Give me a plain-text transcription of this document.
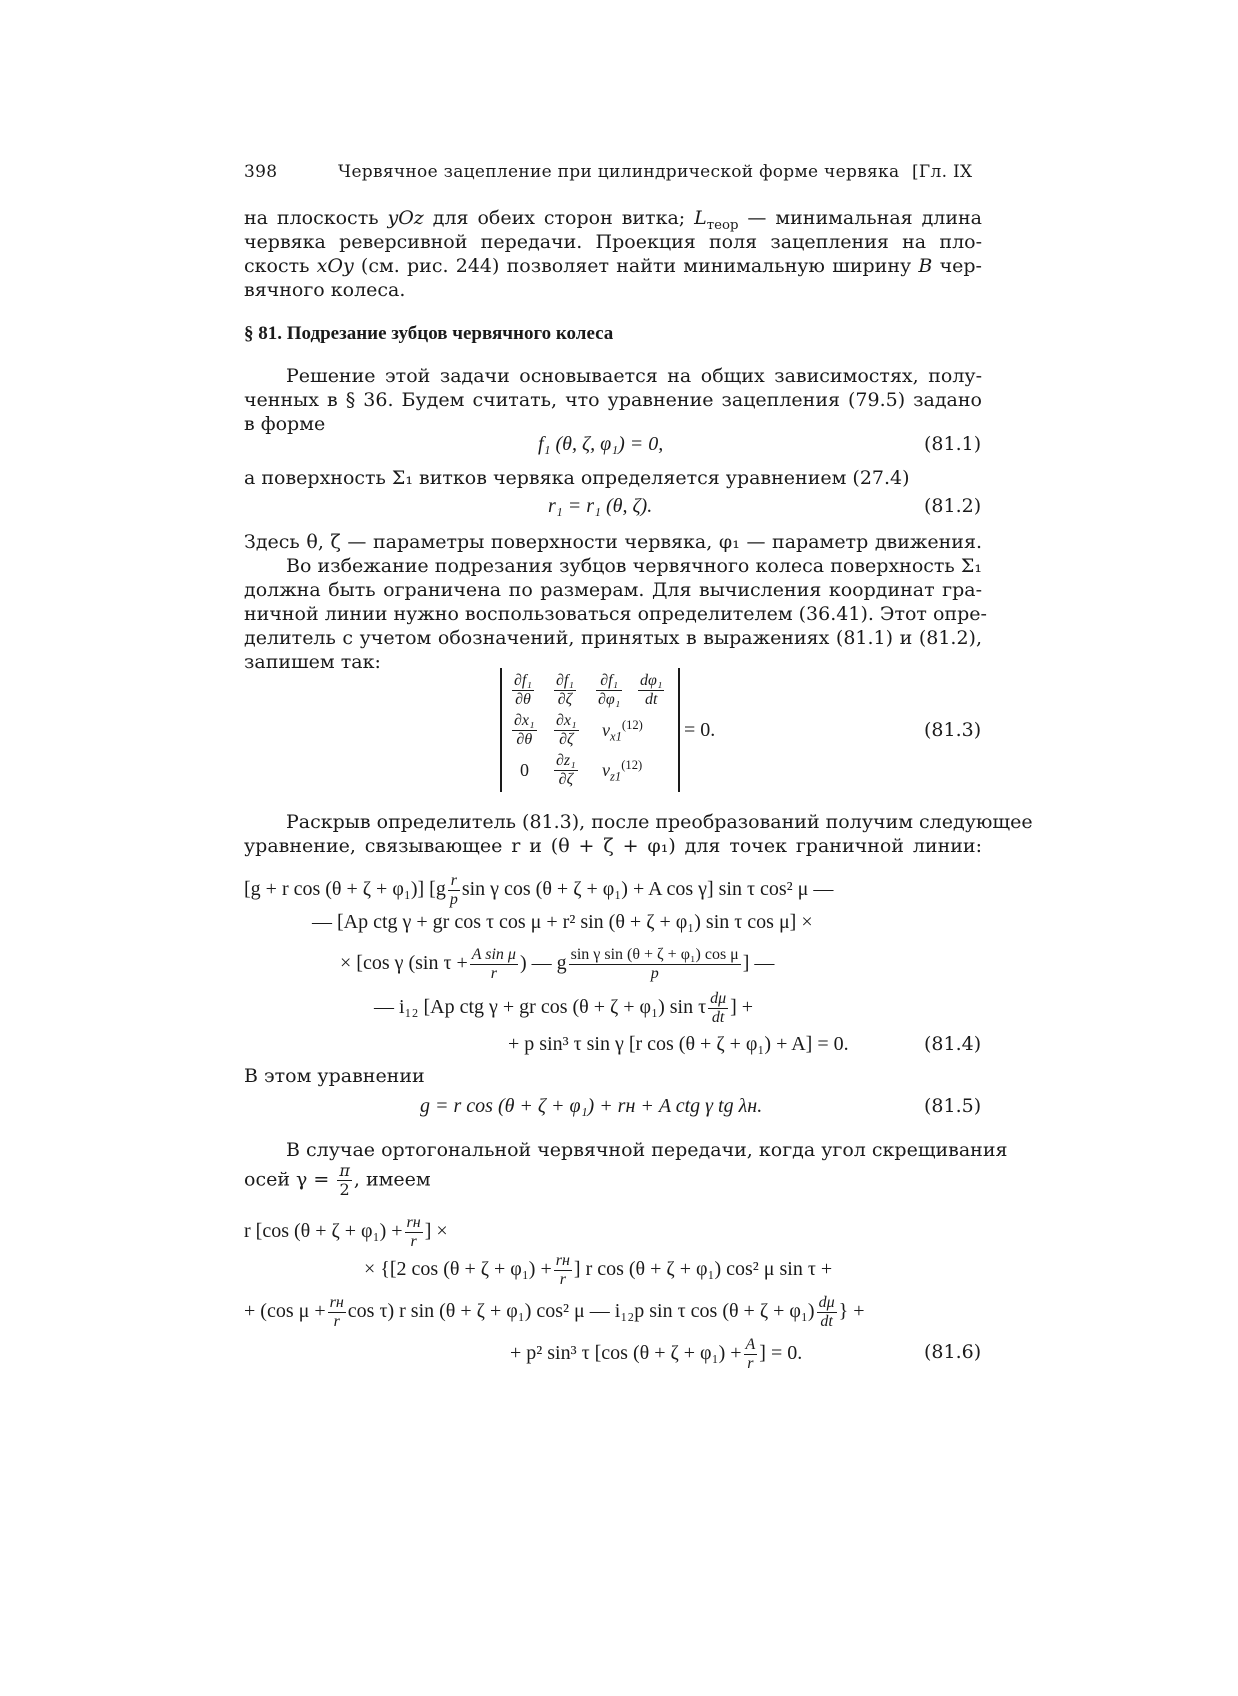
398	Червячное зацепление при цилиндрической форме червяка [Гл. IX
на плоскость yOz для обеих сторон витка; $L_{теор}$ — минимальная длина
червяка реверсивной передачи. Проекция поля зацепления на пло-
скость xOy (см. рис. 244) позволяет найти минимальную ширину B чер-
вячного колеса.
§ 81. Подрезание зубцов червячного колеса
Решение этой задачи основывается на общих зависимостях, полу-
ченных в § 36. Будем считать, что уравнение зацепления (79.5) задано
в форме
f₁ (θ, ζ, φ₁) = 0,	(81.1)
а поверхность Σ₁ витков червяка определяется уравнением (27.4)
r₁ = r₁ (θ, ζ).	(81.2)
Здесь θ, ζ — параметры поверхности червяка, φ₁ — параметр движения.
Во избежание подрезания зубцов червячного колеса поверхность Σ₁
должна быть ограничена по размерам. Для вычисления координат гра-
ничной линии нужно воспользоваться определителем (36.41). Этот опре-
делитель с учетом обозначений, принятых в выражениях (81.1) и (81.2),
запишем так:
$\frac{\text{∂f₁}}{\partial\theta} \frac{\text{∂f₁}}{\partial\zeta} \frac{\text{∂f₁}}{\text{∂φ₁}} \frac{\text{dφ₁}}{dt}$
$\frac{\text{∂x₁}}{\partial\theta} \frac{\text{∂x₁}}{\partial\zeta} v_{x1}^{(12)}$
$0 \frac{\text{∂z₁}}{\partial\zeta} v_{z1}^{(12)}$
= 0.	(81.3)
Раскрыв определитель (81.3), после преобразований получим следующее
уравнение, связывающее r и (θ + ζ + φ₁) для точек граничной линии:
[g + r cos (θ + ζ + φ₁)] [$g \frac{r}{p}$ sin γ cos (θ + ζ + φ₁) + A cos γ] sin τ cos² μ —
— [Ap ctg γ + gr cos τ cos μ + r² sin (θ + ζ + φ₁) sin τ cos μ] ×
× [cos γ (sin $\tau + \frac{\text{A sin μ}}{r}$ ) — g $\frac{\text{sin γ sin (θ + ζ + φ₁) cos μ}}{p}$ ] —
— i₁₂ [Ap ctg γ + gr cos (θ + ζ + φ₁) sin τ $\frac{d\mu}{dt}$ ] +
+ p sin³ τ sin γ [r cos (θ + ζ + φ₁) + A] = 0.	(81.4)
В этом уравнении
g = r cos (θ + ζ + φ₁) + rн + A ctg γ tg λн.	(81.5)
В случае ортогональной червячной передачи, когда угол скрещивания
осей $\gamma = \frac{\pi}{2}$ , имеем
r [cos $(\theta + \zeta + \varphi_1) + \frac{rн}{r}$ ] ×
× {[2 $\cos (\theta + \zeta + \varphi_1) + \frac{rн}{r}$ ] r cos (θ + ζ + φ₁) cos² μ sin τ +
+ (cos $\mu + \frac{rн}{r}$ cos τ) r sin (θ + ζ + φ₁) cos² μ — i₁₂p sin τ $\cos (\theta + \zeta + \varphi_1) \frac{d\mu}{dt}$ } +
+ p² sin³ τ [cos $(\theta + \zeta + \varphi_1) + \frac{A}{r}$ ] = 0.	(81.6)
